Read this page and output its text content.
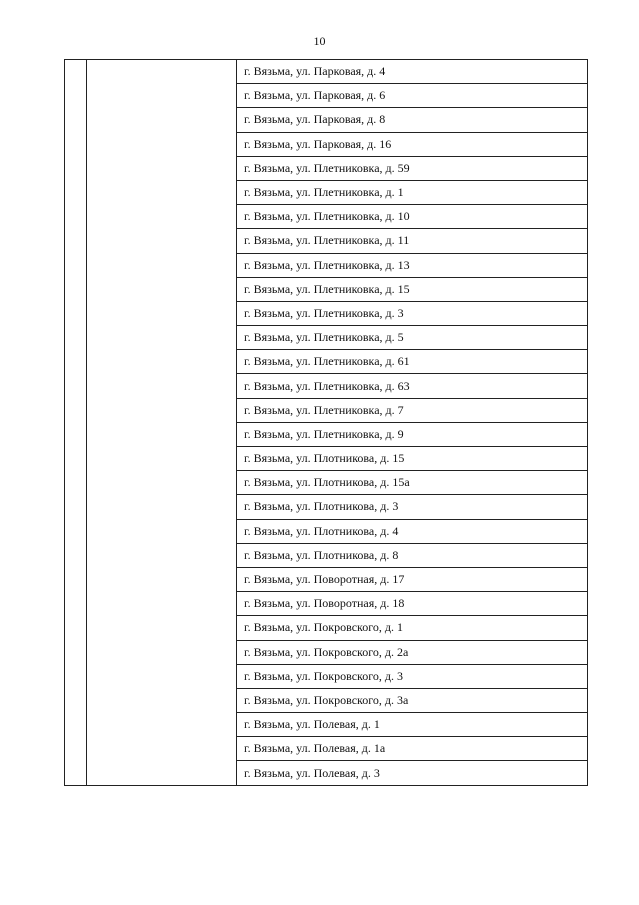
10
		г. Вязьма, ул. Парковая, д. 4
г. Вязьма, ул. Парковая, д. 6
г. Вязьма, ул. Парковая, д. 8
г. Вязьма, ул. Парковая, д. 16
г. Вязьма, ул. Плетниковка, д. 59
г. Вязьма, ул. Плетниковка, д. 1
г. Вязьма, ул. Плетниковка, д. 10
г. Вязьма, ул. Плетниковка, д. 11
г. Вязьма, ул. Плетниковка, д. 13
г. Вязьма, ул. Плетниковка, д. 15
г. Вязьма, ул. Плетниковка, д. 3
г. Вязьма, ул. Плетниковка, д. 5
г. Вязьма, ул. Плетниковка, д. 61
г. Вязьма, ул. Плетниковка, д. 63
г. Вязьма, ул. Плетниковка, д. 7
г. Вязьма, ул. Плетниковка, д. 9
г. Вязьма, ул. Плотникова, д. 15
г. Вязьма, ул. Плотникова, д. 15а
г. Вязьма, ул. Плотникова, д. 3
г. Вязьма, ул. Плотникова, д. 4
г. Вязьма, ул. Плотникова, д. 8
г. Вязьма, ул. Поворотная, д. 17
г. Вязьма, ул. Поворотная, д. 18
г. Вязьма, ул. Покровского, д. 1
г. Вязьма, ул. Покровского, д. 2а
г. Вязьма, ул. Покровского, д. 3
г. Вязьма, ул. Покровского, д. 3а
г. Вязьма, ул. Полевая, д. 1
г. Вязьма, ул. Полевая, д. 1а
г. Вязьма, ул. Полевая, д. 3
